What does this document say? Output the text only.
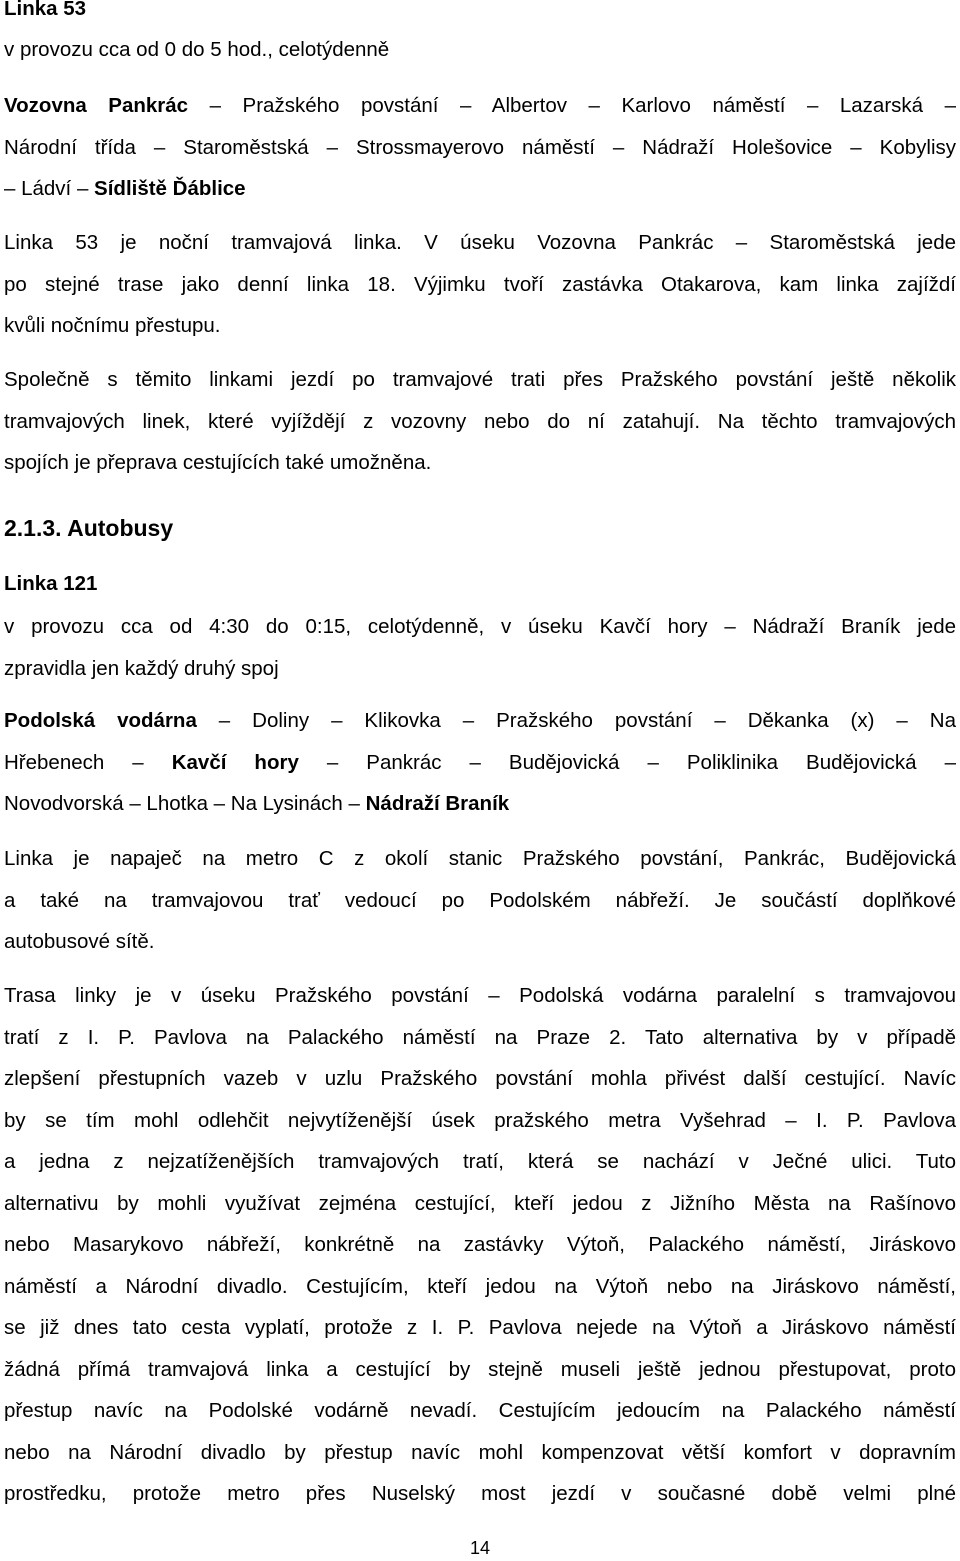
Linka 53
v provozu cca od 0 do 5 hod., celotýdenně

Vozovna Pankrác – Pražského povstání – Albertov – Karlovo náměstí – Lazarská –

Národní třída – Staroměstská – Strossmayerovo náměstí – Nádraží Holešovice – Kobylisy

– Ládví – Sídliště Ďáblice

Linka 53 je noční tramvajová linka. V úseku Vozovna Pankrác – Staroměstská jede

po stejné trase jako denní linka 18. Výjimku tvoří zastávka Otakarova, kam linka zajíždí

kvůli nočnímu přestupu.

Společně s těmito linkami jezdí po tramvajové trati přes Pražského povstání ještě několik

tramvajových linek, které vyjíždějí z vozovny nebo do ní zatahují. Na těchto tramvajových

spojích je přeprava cestujících také umožněna.

2.1.3. Autobusy
Linka 121

v provozu cca od 4:30 do 0:15, celotýdenně, v úseku Kavčí hory – Nádraží Braník jede

zpravidla jen každý druhý spoj

Podolská vodárna – Doliny – Klikovka – Pražského povstání – Děkanka (x) – Na

Hřebenech – Kavčí hory – Pankrác – Budějovická – Poliklinika Budějovická –

Novodvorská – Lhotka – Na Lysinách – Nádraží Braník

Linka je napaječ na metro C z okolí stanic Pražského povstání, Pankrác, Budějovická

a také na tramvajovou trať vedoucí po Podolském nábřeží. Je součástí doplňkové

autobusové sítě.

Trasa linky je v úseku Pražského povstání – Podolská vodárna paralelní s tramvajovou

tratí z I. P. Pavlova na Palackého náměstí na Praze 2. Tato alternativa by v případě

zlepšení přestupních vazeb v uzlu Pražského povstání mohla přivést další cestující. Navíc

by se tím mohl odlehčit nejvytíženější úsek pražského metra Vyšehrad – I. P. Pavlova

a jedna z nejzatíženějších tramvajových tratí, která se nachází v Ječné ulici. Tuto

alternativu by mohli využívat zejména cestující, kteří jedou z Jižního Města na Rašínovo

nebo Masarykovo nábřeží, konkrétně na zastávky Výtoň, Palackého náměstí, Jiráskovo

náměstí a Národní divadlo. Cestujícím, kteří jedou na Výtoň nebo na Jiráskovo náměstí,

se již dnes tato cesta vyplatí, protože z I. P. Pavlova nejede na Výtoň a Jiráskovo náměstí

žádná přímá tramvajová linka a cestující by stejně museli ještě jednou přestupovat, proto

přestup navíc na Podolské vodárně nevadí. Cestujícím jedoucím na Palackého náměstí

nebo na Národní divadlo by přestup navíc mohl kompenzovat větší komfort v dopravním

prostředku, protože metro přes Nuselský most jezdí v současné době velmi plné

14
